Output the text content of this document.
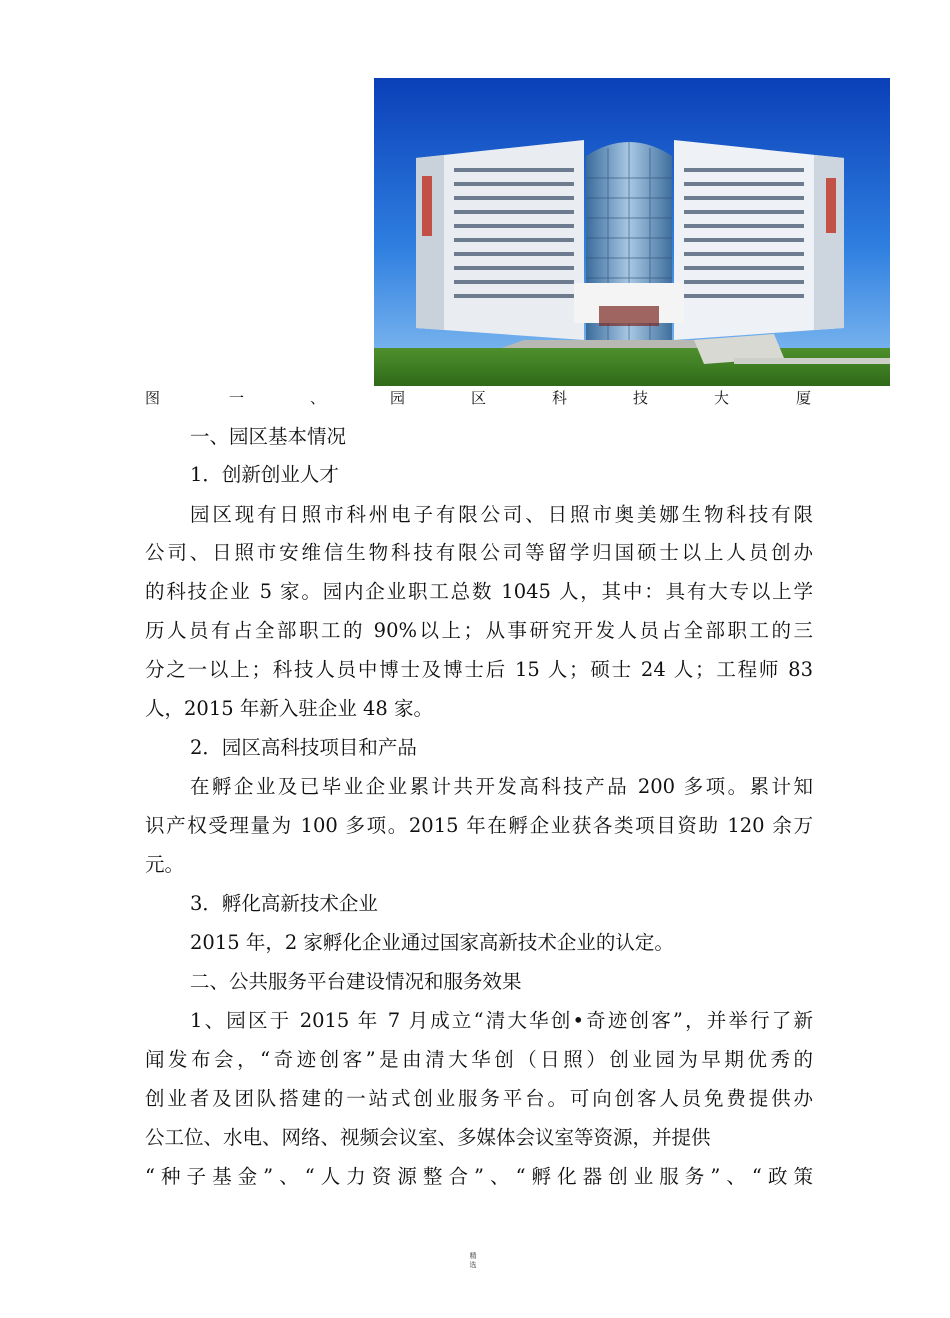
图	一	、	园	区	科	技	大	厦
一、园区基本情况
1．创新创业人才
园区现有日照市科州电子有限公司、日照市奥美娜生物科技有限
公司、日照市安维信生物科技有限公司等留学归国硕士以上人员创办
的科技企业 5 家。园内企业职工总数 1045 人，其中：具有大专以上学
历人员有占全部职工的 90%以上；从事研究开发人员占全部职工的三
分之一以上；科技人员中博士及博士后 15 人；硕士 24 人；工程师 83
人，2015 年新入驻企业 48 家。
2．园区高科技项目和产品
在孵企业及已毕业企业累计共开发高科技产品 200 多项。累计知
识产权受理量为 100 多项。2015 年在孵企业获各类项目资助 120 余万
元。
3．孵化高新技术企业
2015 年，2 家孵化企业通过国家高新技术企业的认定。
二、公共服务平台建设情况和服务效果
1、园区于 2015 年 7 月成立“清大华创•奇迹创客”，并举行了新
闻发布会，“奇迹创客”是由清大华创（日照）创业园为早期优秀的
创业者及团队搭建的一站式创业服务平台。可向创客人员免费提供办
公工位、水电、网络、视频会议室、多媒体会议室等资源，并提供
“种子基金”、“人力资源整合”、“孵化器创业服务”、“政策
精
选
